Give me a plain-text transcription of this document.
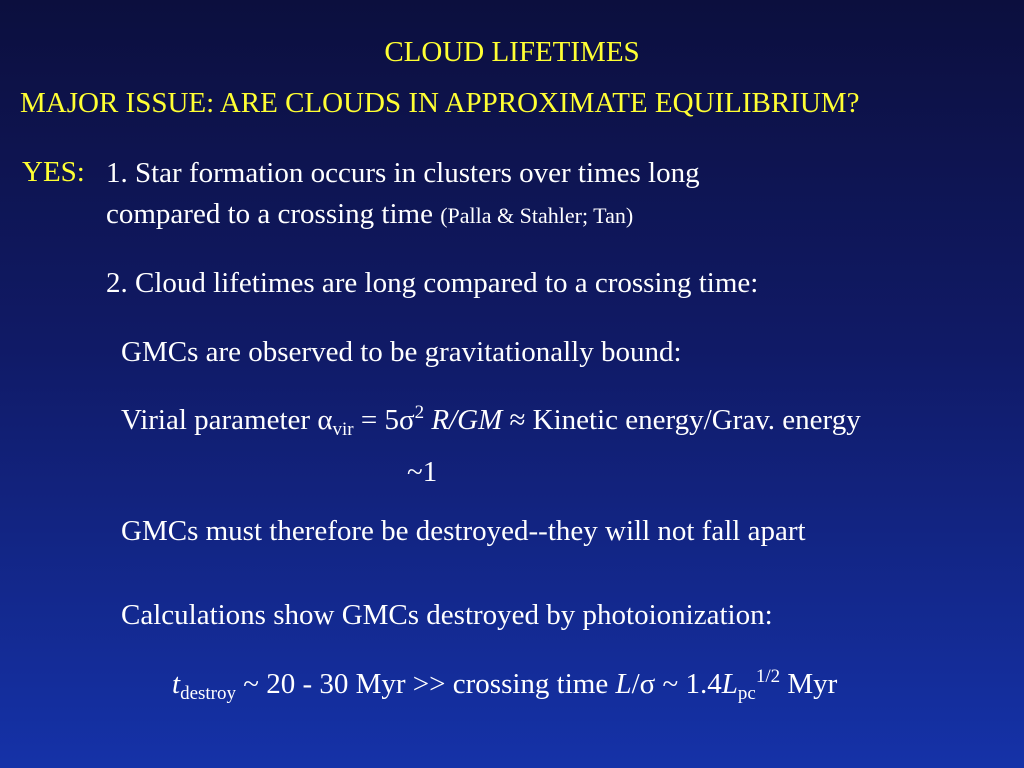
CLOUD LIFETIMES
MAJOR ISSUE: ARE CLOUDS IN APPROXIMATE EQUILIBRIUM?
YES: 1. Star formation occurs in clusters over times long
compared to a crossing time (Palla & Stahler; Tan)
2. Cloud lifetimes are long compared to a crossing time:
GMCs are observed to be gravitationally bound:
Virial parameter $\alpha_{vir} = 5\sigma^2$ R/GM ≈ Kinetic energy/Grav. energy
~1
GMCs must therefore be destroyed--they will not fall apart
Calculations show GMCs destroyed by photoionization:
$t_{destroy}$ ~ 20 - 30 Myr >> crossing time L/σ ~ $1.4L_{pc}^{1/2}$ Myr
